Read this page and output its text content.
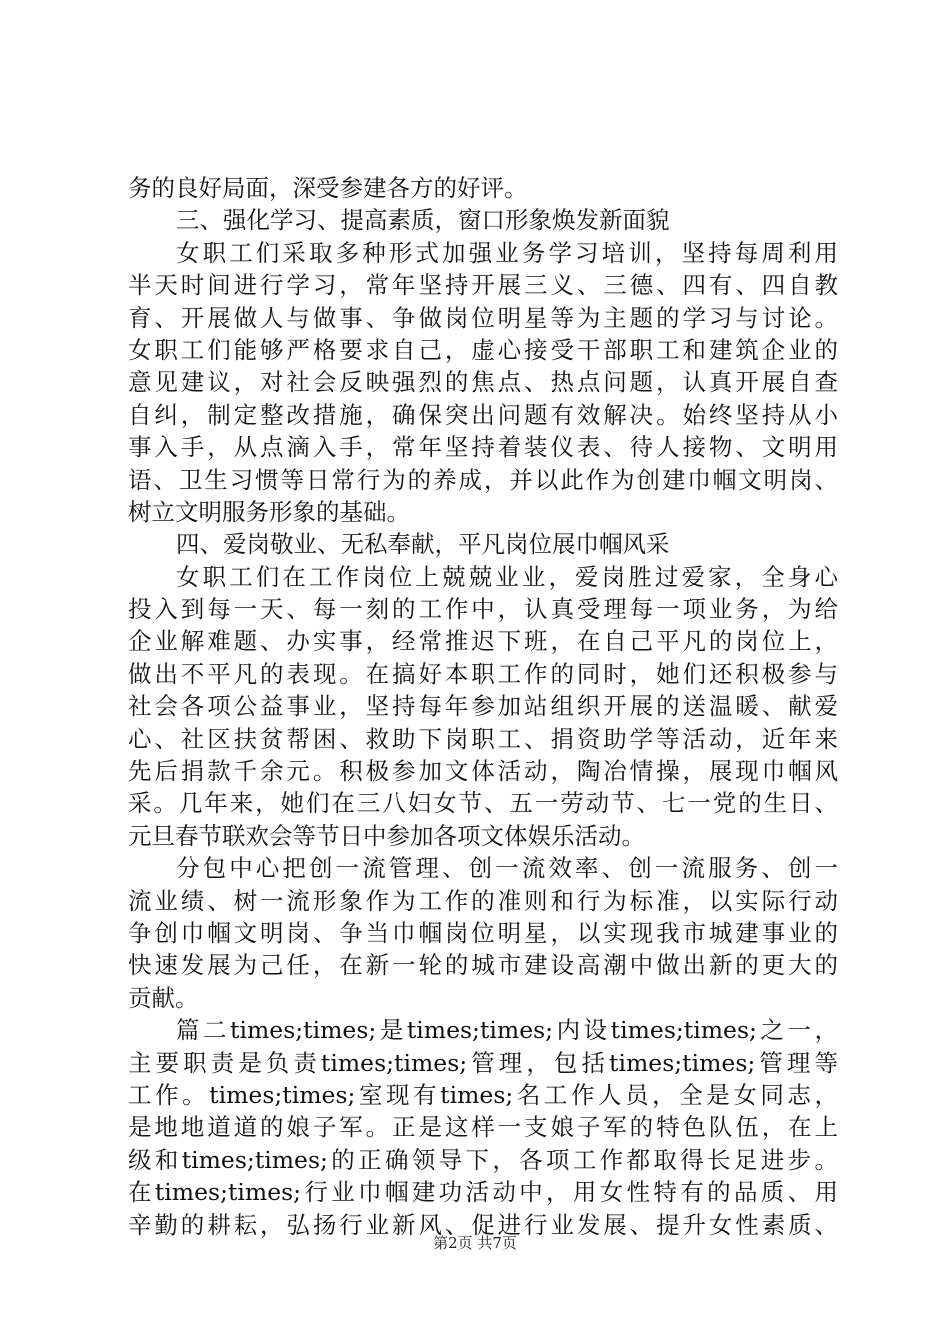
务的良好局面，深受参建各方的好评。
三、强化学习、提高素质，窗口形象焕发新面貌
女职工们采取多种形式加强业务学习培训，坚持每周利用
半天时间进行学习，常年坚持开展三义、三德、四有、四自教
育、开展做人与做事、争做岗位明星等为主题的学习与讨论。
女职工们能够严格要求自己，虚心接受干部职工和建筑企业的
意见建议，对社会反映强烈的焦点、热点问题，认真开展自查
自纠，制定整改措施，确保突出问题有效解决。始终坚持从小
事入手，从点滴入手，常年坚持着装仪表、待人接物、文明用
语、卫生习惯等日常行为的养成，并以此作为创建巾帼文明岗、
树立文明服务形象的基础。
四、爱岗敬业、无私奉献，平凡岗位展巾帼风采
女职工们在工作岗位上兢兢业业，爱岗胜过爱家，全身心
投入到每一天、每一刻的工作中，认真受理每一项业务，为给
企业解难题、办实事，经常推迟下班，在自己平凡的岗位上，
做出不平凡的表现。在搞好本职工作的同时，她们还积极参与
社会各项公益事业，坚持每年参加站组织开展的送温暖、献爱
心、社区扶贫帮困、救助下岗职工、捐资助学等活动，近年来
先后捐款千余元。积极参加文体活动，陶冶情操，展现巾帼风
采。几年来，她们在三八妇女节、五一劳动节、七一党的生日、
元旦春节联欢会等节日中参加各项文体娱乐活动。
分包中心把创一流管理、创一流效率、创一流服务、创一
流业绩、树一流形象作为工作的准则和行为标准，以实际行动
争创巾帼文明岗、争当巾帼岗位明星，以实现我市城建事业的
快速发展为己任，在新一轮的城市建设高潮中做出新的更大的
贡献。
篇二times;times;是times;times;内设times;times;之一，
主要职责是负责times;times;管理，包括times;times;管理等
工作。times;times;室现有times;名工作人员，全是女同志，
是地地道道的娘子军。正是这样一支娘子军的特色队伍，在上
级和times;times;的正确领导下，各项工作都取得长足进步。
在times;times;行业巾帼建功活动中，用女性特有的品质、用
辛勤的耕耘，弘扬行业新风、促进行业发展、提升女性素质、
第2页 共7页
